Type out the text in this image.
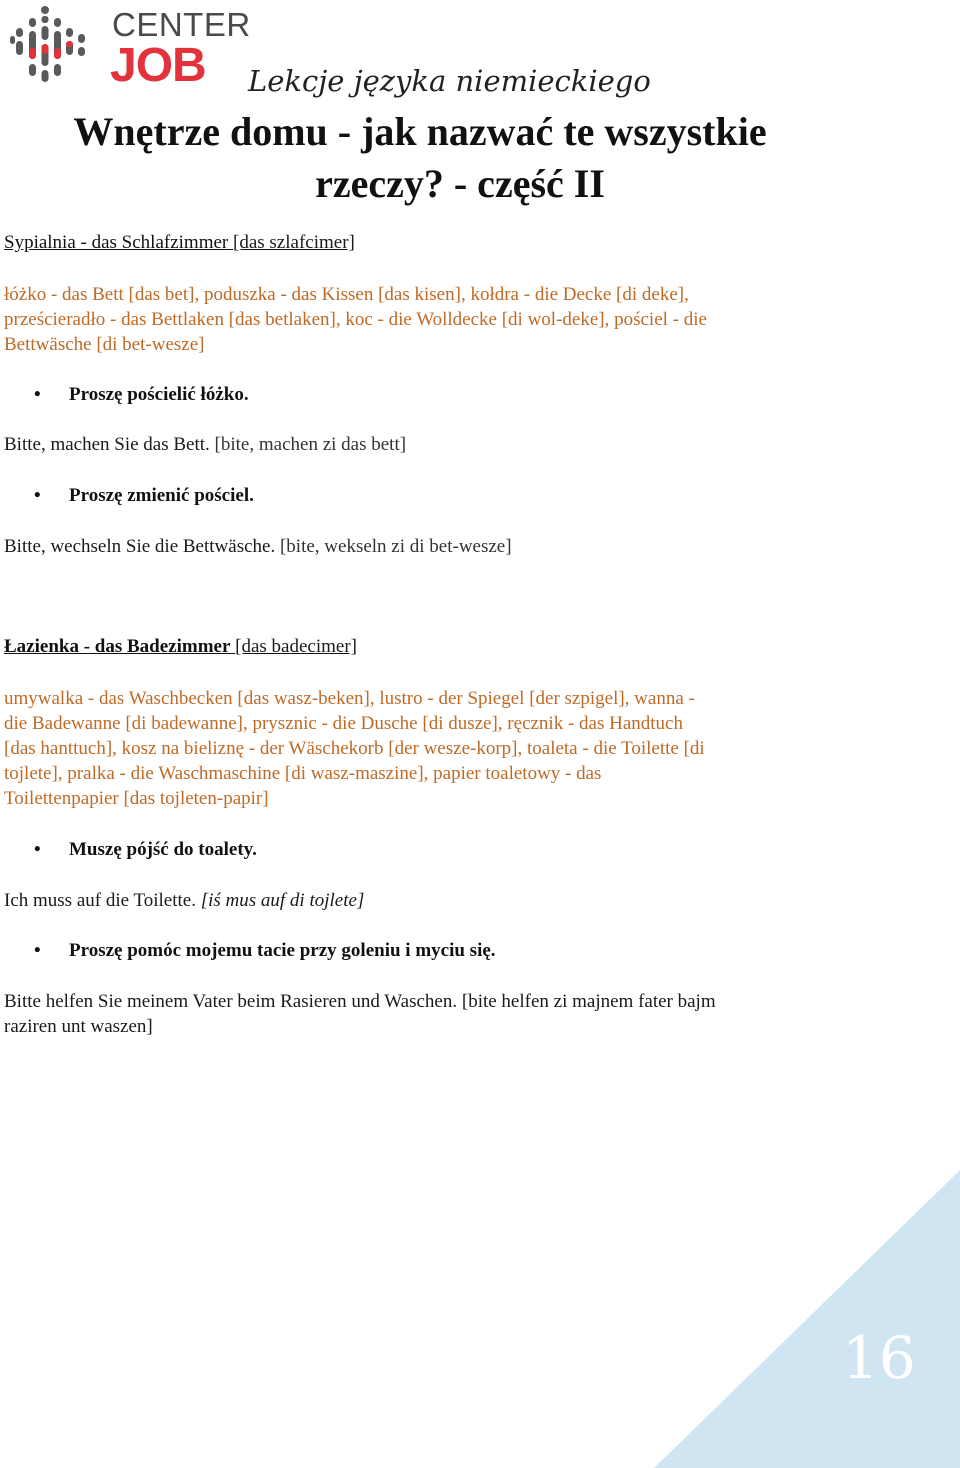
CENTER
JOB Lekcje języka niemieckiego
Wnętrze domu - jak nazwać te wszystkie
rzeczy? - część II

Sypialnia - das Schlafzimmer [das szlafcimer]

łóżko - das Bett [das bet], poduszka - das Kissen [das kisen], kołdra - die Decke [di deke],
prześcieradło - das Bettlaken [das betlaken], koc - die Wolldecke [di wol-deke], pościel - die
Bettwäsche [di bet-wesze]

• Proszę pościelić łóżko.

Bitte, machen Sie das Bett. [bite, machen zi das bett]

• Proszę zmienić pościel.

Bitte, wechseln Sie die Bettwäsche. [bite, wekseln zi di bet-wesze]

Łazienka - das Badezimmer [das badecimer]

umywalka - das Waschbecken [das wasz-beken], lustro - der Spiegel [der szpigel], wanna -
die Badewanne [di badewanne], prysznic - die Dusche [di dusze], ręcznik - das Handtuch
[das hanttuch], kosz na bieliznę - der Wäschekorb [der wesze-korp], toaleta - die Toilette [di
tojlete], pralka - die Waschmaschine [di wasz-maszine], papier toaletowy - das
Toilettenpapier [das tojleten-papir]

• Muszę pójść do toalety.

Ich muss auf die Toilette. [iś mus auf di tojlete]

• Proszę pomóc mojemu tacie przy goleniu i myciu się.

Bitte helfen Sie meinem Vater beim Rasieren und Waschen. [bite helfen zi majnem fater bajm
raziren unt waszen]
16
